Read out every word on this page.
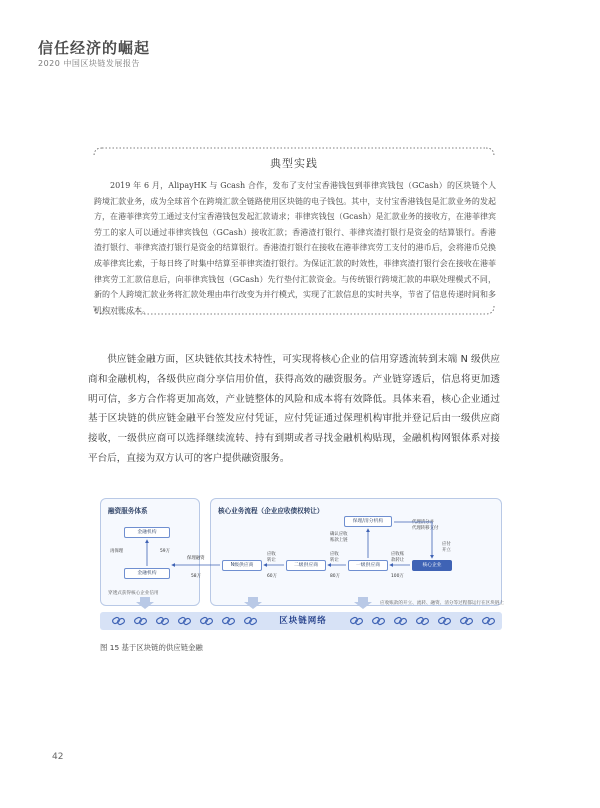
信任经济的崛起
2020 中国区块链发展报告
典型实践
2019 年 6 月，AlipayHK 与 Gcash 合作，发布了支付宝香港钱包到菲律宾钱包（GCash）的区块链个人跨境汇款业务，成为全球首个在跨境汇款全链路使用区块链的电子钱包。其中，支付宝香港钱包是汇款业务的发起方，在港菲律宾劳工通过支付宝香港钱包发起汇款请求；菲律宾钱包（Gcash）是汇款业务的接收方，在港菲律宾劳工的家人可以通过菲律宾钱包（GCash）接收汇款；香港渣打银行、菲律宾渣打银行是资金的结算银行。香港渣打银行、菲律宾渣打银行是资金的结算银行。香港渣打银行在接收在港菲律宾劳工支付的港币后，会将港币兑换成菲律宾比索，于每日终了时集中结算至菲律宾渣打银行。为保证汇款的时效性，菲律宾渣打银行会在接收在港菲律宾劳工汇款信息后，向菲律宾钱包（GCash）先行垫付汇款资金。与传统银行跨境汇款的串联处理模式不同，新的个人跨境汇款业务将汇款处理由串行改变为并行模式，实现了汇款信息的实时共享，节省了信息传递时间和多机构对账成本。
供应链金融方面，区块链依其技术特性，可实现将核心企业的信用穿透流转到末端 N 级供应商和金融机构，各级供应商分享信用价值，获得高效的融资服务。产业链穿透后，信息将更加透明可信，多方合作将更加高效，产业链整体的风险和成本将有效降低。具体来看，核心企业通过基于区块链的供应链金融平台签发应付凭证，应付凭证通过保理机构审批并登记后由一级供应商接收，一级供应商可以选择继续流转、持有到期或者寻找金融机构贴现，金融机构网银体系对接平台后，直接为双方认可的客户提供融资服务。
融资服务体系
金融机构
金融机构
再保理	59万
穿透式获得核心企业信用
核心业务流程（企业应收债权转让）
保理/清分机构
N级供应商	二级供应商	一级供应商	核心企业
保理融资
58万
应收
转让
60万
应收
转让
80万
应收账
款转让
100万
确认应收
账款上链
应付
开立
代理清分并
代理转移支付
应收账款的开立、流转、融资、清分等过程都运行在区块链上
区块链网络
图 15 基于区块链的供应链金融
42
